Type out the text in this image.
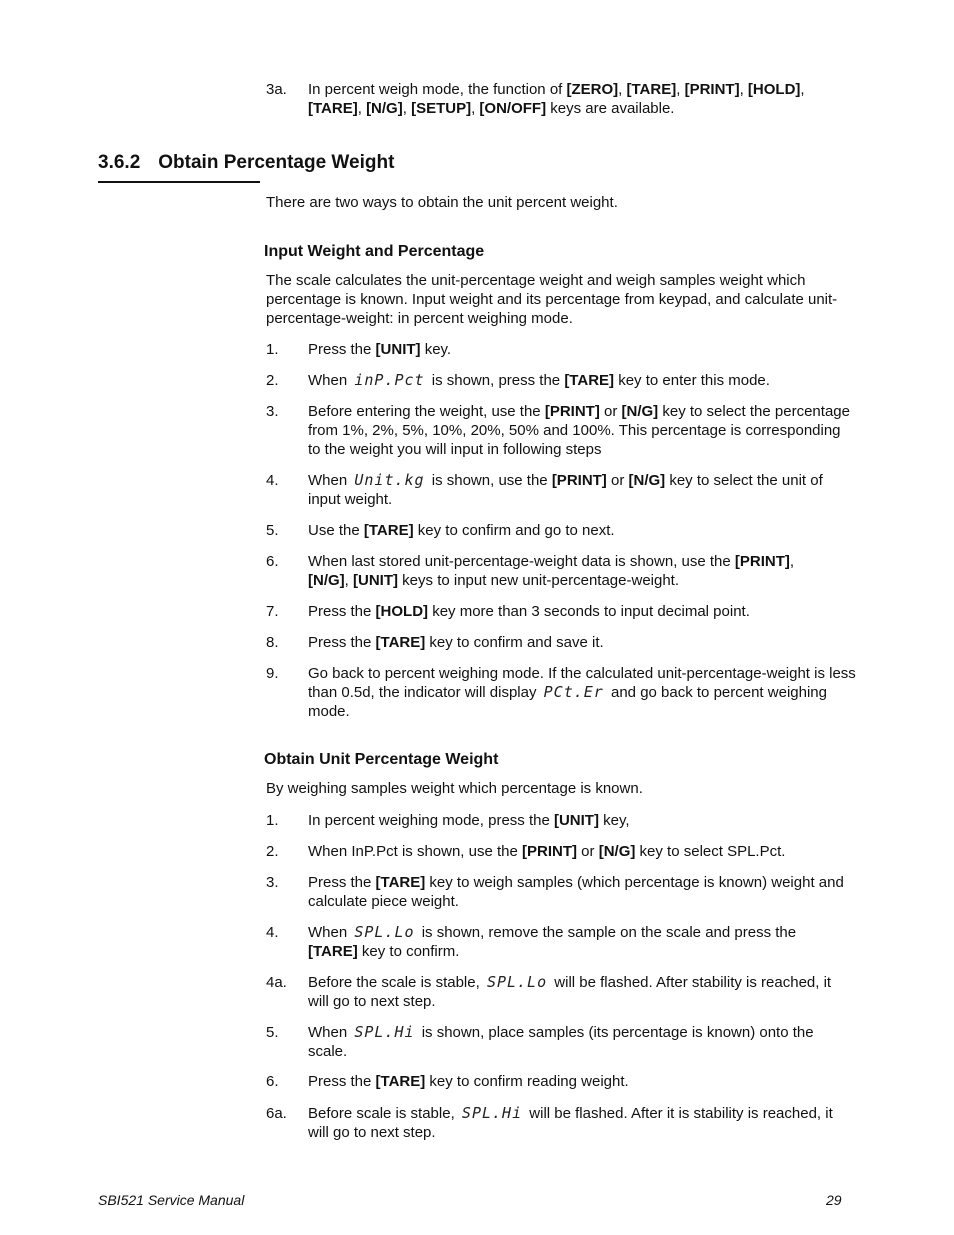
3a.	In percent weigh mode, the function of [ZERO], [TARE], [PRINT], [HOLD],
[TARE], [N/G], [SETUP], [ON/OFF] keys are available.
3.6.2 Obtain Percentage Weight
There are two ways to obtain the unit percent weight.
Input Weight and Percentage
The scale calculates the unit-percentage weight and weigh samples weight which percentage is known. Input weight and its percentage from keypad, and calculate unit-percentage-weight: in percent weighing mode.
1.	Press the [UNIT] key.
2.	When inP.Pct is shown, press the [TARE] key to enter this mode.
3.	Before entering the weight, use the [PRINT] or [N/G] key to select the percentage from 1%, 2%, 5%, 10%, 20%, 50% and 100%. This percentage is corresponding to the weight you will input in following steps
4.	When Unit.kg is shown, use the [PRINT] or [N/G] key to select the unit of input weight.
5.	Use the [TARE] key to confirm and go to next.
6.	When last stored unit-percentage-weight data is shown, use the [PRINT],
[N/G], [UNIT] keys to input new unit-percentage-weight.
7.	Press the [HOLD] key more than 3 seconds to input decimal point.
8.	Press the [TARE] key to confirm and save it.
9.	Go back to percent weighing mode. If the calculated unit-percentage-weight is less than 0.5d, the indicator will display PCt.Er and go back to percent weighing mode.
Obtain Unit Percentage Weight
By weighing samples weight which percentage is known.
1.	In percent weighing mode, press the [UNIT] key,
2.	When InP.Pct is shown, use the [PRINT] or [N/G] key to select SPL.Pct.
3.	Press the [TARE] key to weigh samples (which percentage is known) weight and calculate piece weight.
4.	When SPL.Lo is shown, remove the sample on the scale and press the
[TARE] key to confirm.
4a.	Before the scale is stable, SPL.Lo will be flashed. After stability is reached, it will go to next step.
5.	When SPL.Hi is shown, place samples (its percentage is known) onto the scale.
6.	Press the [TARE] key to confirm reading weight.
6a.	Before scale is stable, SPL.Hi will be flashed. After it is stability is reached, it will go to next step.
SBI521 Service Manual	29
